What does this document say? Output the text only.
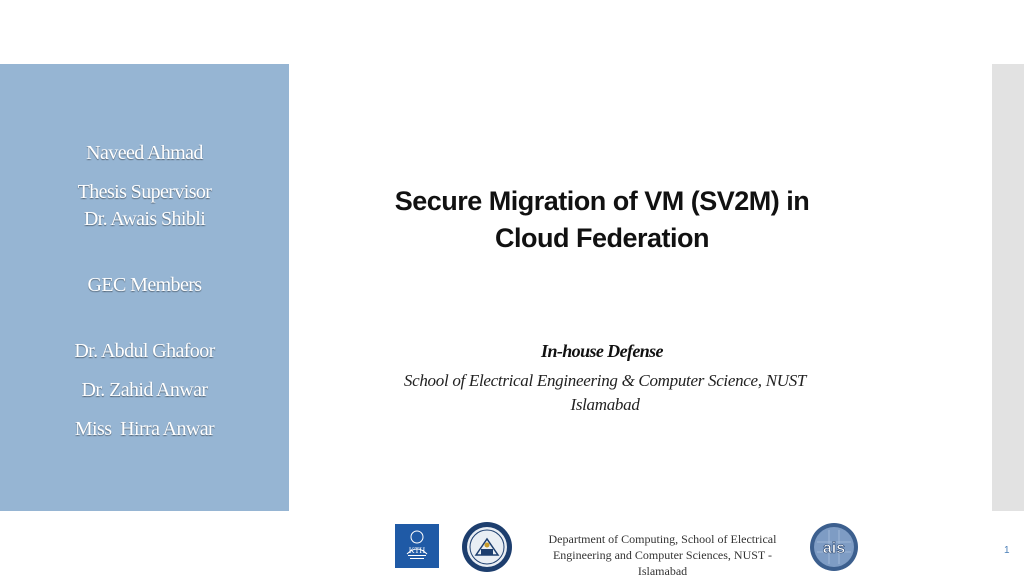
Naveed Ahmad
Thesis Supervisor
Dr. Awais Shibli
GEC Members
Dr. Abdul Ghafoor
Dr. Zahid Anwar
Miss  Hirra Anwar
Secure Migration of VM (SV2M) in
Cloud Federation
In-house Defense
School of Electrical Engineering & Computer Science, NUST
Islamabad
KTH
Department of Computing, School of Electrical
Engineering and Computer Sciences, NUST -
Islamabad
ais	1
